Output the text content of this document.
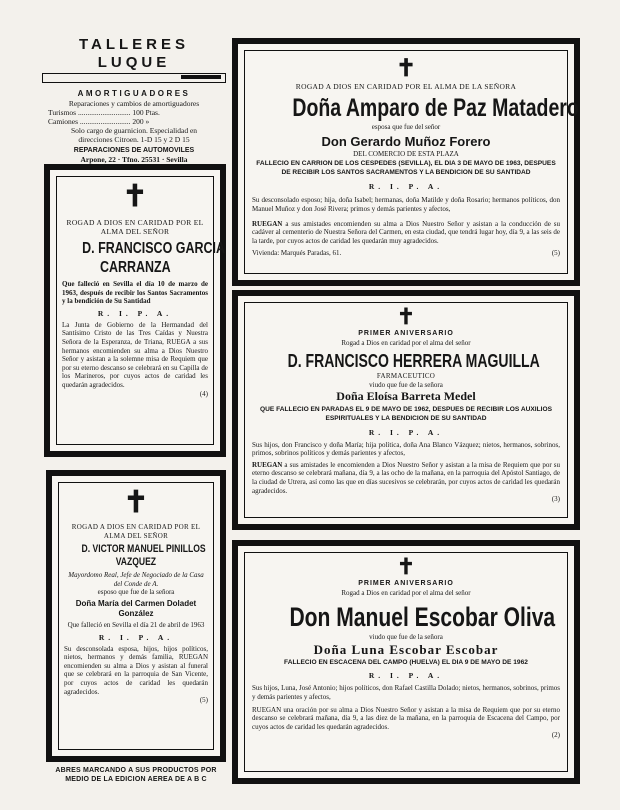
TALLERES LUQUE
AMORTIGUADORES
Reparaciones y cambios de amortiguadores
Turismos ............................ 100 Ptas.
Camiones ........................... 200 »
Solo cargo de guarnicion. Especialidad en
direcciones Citroen. 1-D 15 y 2 D 15
REPARACIONES DE AUTOMOVILES
Arpone, 22 · Tfno. 25531 · Sevilla
✝
ROGAD A DIOS EN CARIDAD POR EL ALMA DEL SEÑOR
D. FRANCISCO GARCIA
CARRANZA
Que falleció en Sevilla el día 10 de marzo de 1963, después de recibir los Santos Sacramentos y la bendición de Su Santidad
R. I. P. A.
La Junta de Gobierno de la Hermandad del Santísimo Cristo de las Tres Caídas y Nuestra Señora de la Esperanza, de Triana, RUEGA a sus hermanos encomienden su alma a Dios Nuestro Señor y asistan a la solemne misa de Requiem que por su eterno descanso se celebrará en su Capilla de los Marineros, por cuyos actos de caridad les quedarán agradecidos.
(4)
✝
ROGAD A DIOS EN CARIDAD POR EL ALMA DEL SEÑOR
D. VICTOR MANUEL PINILLOS
VAZQUEZ
Mayordomo Real, Jefe de Negociado de la Casa del Conde de A.
esposo que fue de la señora
Doña María del Carmen Doladet González
Que falleció en Sevilla el día 21 de abril de 1963
R. I. P. A.
Su desconsolada esposa, hijos, hijos políticos, nietos, hermanos y demás familia, RUEGAN encomienden su alma a Dios y asistan al funeral que se celebrará en la parroquia de San Vicente, por cuyos actos de caridad les quedarán agradecidos.
(5)
ABRES MARCANDO A SUS PRODUCTOS POR
MEDIO DE LA EDICION AEREA DE A B C
✝
ROGAD A DIOS EN CARIDAD POR EL ALMA DE LA SEÑORA
Doña Amparo de Paz Matadero
esposa que fue del señor
Don Gerardo Muñoz Forero
DEL COMERCIO DE ESTA PLAZA
FALLECIO EN CARRION DE LOS CESPEDES (SEVILLA), EL DIA 3 DE MAYO DE 1963, DESPUES DE RECIBIR LOS SANTOS SACRAMENTOS Y LA BENDICION DE SU SANTIDAD
R. I. P. A.
Su desconsolado esposo; hija, doña Isabel; hermanas, doña Matilde y doña Rosario; hermanos políticos, don Manuel Muñoz y don José Rivera; primos y demás parientes y afectos,
RUEGAN a sus amistades encomienden su alma a Dios Nuestro Señor y asistan a la conducción de su cadáver al cementerio de Nuestra Señora del Carmen, en esta ciudad, que tendrá lugar hoy, día 9, a las seis de la tarde, por cuyos actos de caridad les quedarán muy agradecidos.
Vivienda: Marqués Paradas, 61.	(5)
✝
PRIMER ANIVERSARIO
Rogad a Dios en caridad por el alma del señor
D. FRANCISCO HERRERA MAGUILLA
FARMACEUTICO
viudo que fue de la señora
Doña Eloísa Barreta Medel
QUE FALLECIO EN PARADAS EL 9 DE MAYO DE 1962, DESPUES DE RECIBIR LOS AUXILIOS ESPIRITUALES Y LA BENDICION DE SU SANTIDAD
R. I. P. A.
Sus hijos, don Francisco y doña María; hija política, doña Ana Blanco Vázquez; nietos, hermanos, sobrinos, primos, sobrinos políticos y demás parientes y afectos,
RUEGAN a sus amistades le encomienden a Dios Nuestro Señor y asistan a la misa de Requiem que por su eterno descanso se celebrará mañana, día 9, a las ocho de la mañana, en la parroquia del Apóstol Santiago, de la ciudad de Utrera, así como las que en días sucesivos se celebrarán, por cuyos actos de caridad les quedarán agradecidos.
(3)
✝
PRIMER ANIVERSARIO
Rogad a Dios en caridad por el alma del señor
Don Manuel Escobar Oliva
viudo que fue de la señora
Doña Luna Escobar Escobar
FALLECIO EN ESCACENA DEL CAMPO (HUELVA) EL DIA 9 DE MAYO DE 1962
R. I. P. A.
Sus hijos, Luna, José Antonio; hijos políticos, don Rafael Castilla Dolado; nietos, hermanos, sobrinos, primos y demás parientes y afectos,
RUEGAN una oración por su alma a Dios Nuestro Señor y asistan a la misa de Requiem que por su eterno descanso se celebrará mañana, día 9, a las diez de la mañana, en la parroquia de Escacena del Campo, por cuyos actos de caridad les quedarán agradecidos.
(2)
